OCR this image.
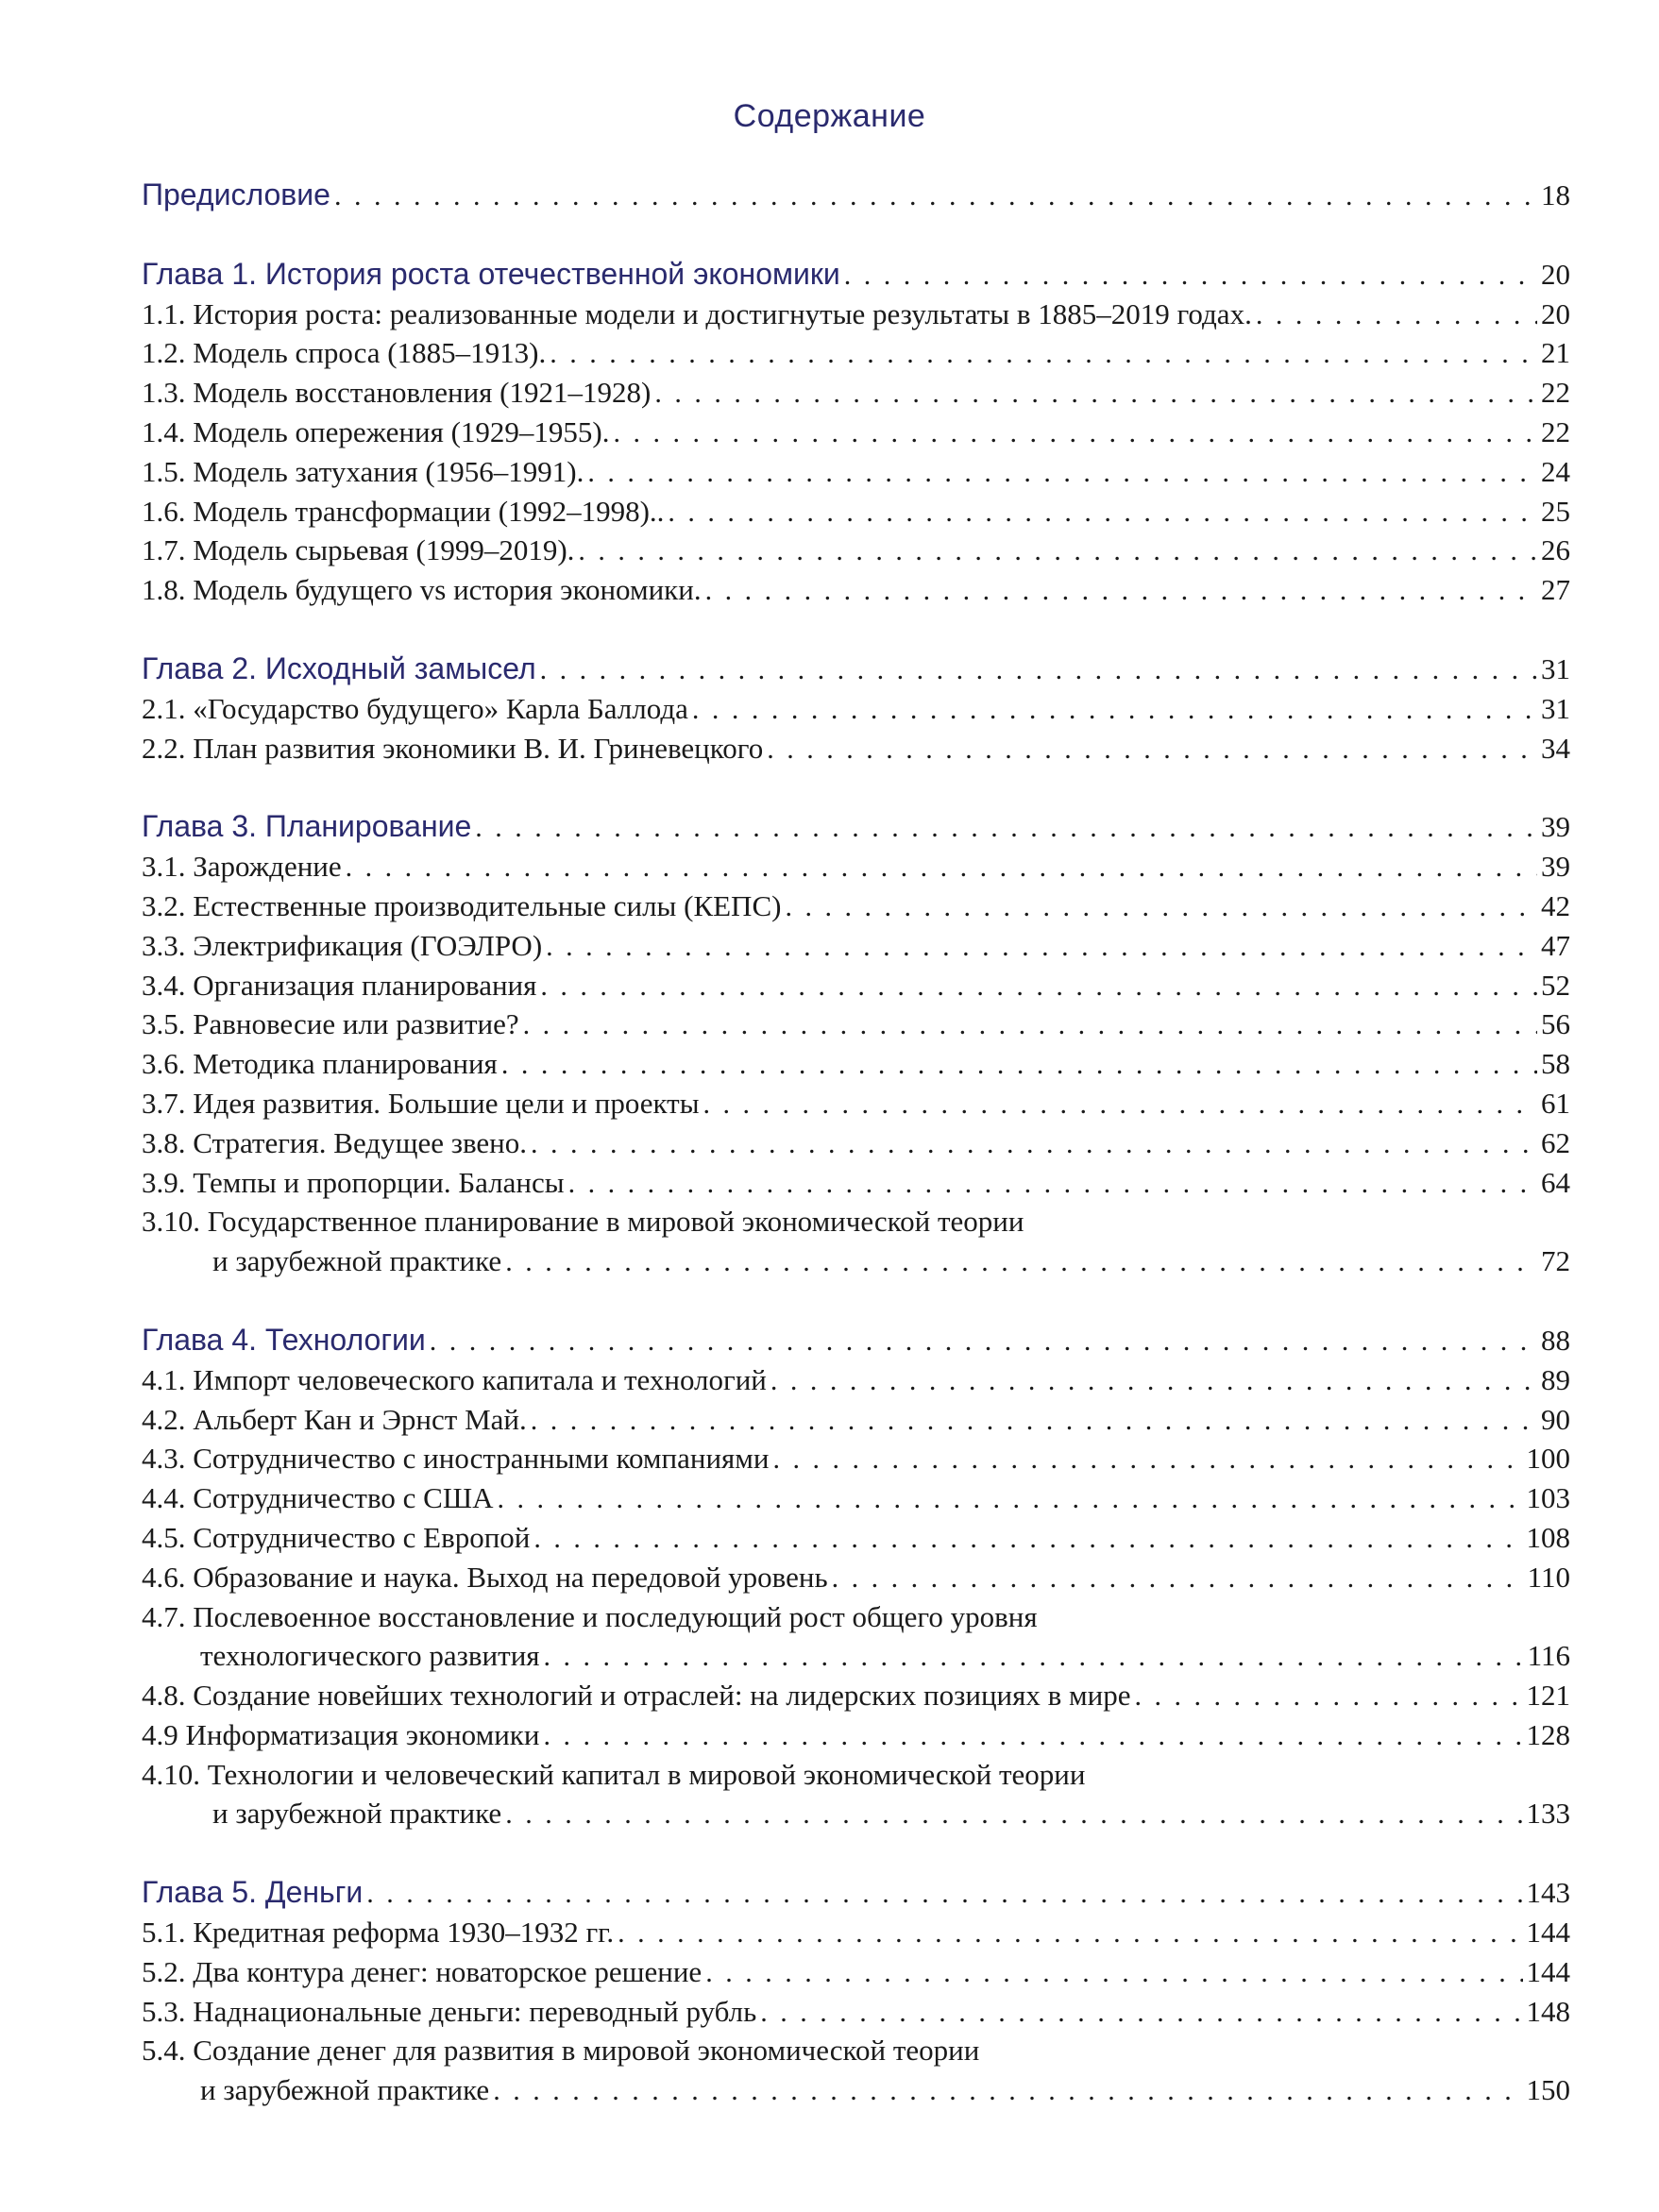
Содержание
Предисловие . . .	18
Глава 1. История роста отечественной экономики . . .	20
1.1. История роста: реализованные модели и достигнутые результаты в 1885–2019 годах. . . .	20
1.2. Модель спроса (1885–1913). . . .	21
1.3. Модель восстановления (1921–1928) . . .	22
1.4. Модель опережения (1929–1955). . . .	22
1.5. Модель затухания (1956–1991). . . .	24
1.6. Модель трансформации (1992–1998).. . . .	25
1.7. Модель сырьевая (1999–2019). . . .	26
1.8. Модель будущего vs история экономики. . . .	27
Глава 2. Исходный замысел . . .	31
2.1. «Государство будущего» Карла Баллода . . .	31
2.2. План развития экономики В. И. Гриневецкого . . .	34
Глава 3. Планирование . . .	39
3.1. Зарождение . . .	39
3.2. Естественные производительные силы (КЕПС) . . .	42
3.3. Электрификация (ГОЭЛРО) . . .	47
3.4. Организация планирования . . .	52
3.5. Равновесие или развитие? . . .	56
3.6. Методика планирования . . .	58
3.7. Идея развития. Большие цели и проекты . . .	61
3.8. Стратегия. Ведущее звено. . . .	62
3.9. Темпы и пропорции. Балансы . . .	64
3.10. Государственное планирование в мировой экономической теории
и зарубежной практике . . .	72
Глава 4. Технологии . . .	88
4.1. Импорт человеческого капитала и технологий . . .	89
4.2. Альберт Кан и Эрнст Май. . . .	90
4.3. Сотрудничество с иностранными компаниями . . .	100
4.4. Сотрудничество с США . . .	103
4.5. Сотрудничество с Европой . . .	108
4.6. Образование и наука. Выход на передовой уровень . . .	110
4.7. Послевоенное восстановление и последующий рост общего уровня
технологического развития . . .	116
4.8. Создание новейших технологий и отраслей: на лидерских позициях в мире . . .	121
4.9 Информатизация экономики . . .	128
4.10. Технологии и человеческий капитал в мировой экономической теории
и зарубежной практике . . .	133
Глава 5. Деньги . . .	143
5.1. Кредитная реформа 1930–1932 гг. . . .	144
5.2. Два контура денег: новаторское решение . . .	144
5.3. Наднациональные деньги: переводный рубль . . .	148
5.4. Создание денег для развития в мировой экономической теории
и зарубежной практике . . .	150
